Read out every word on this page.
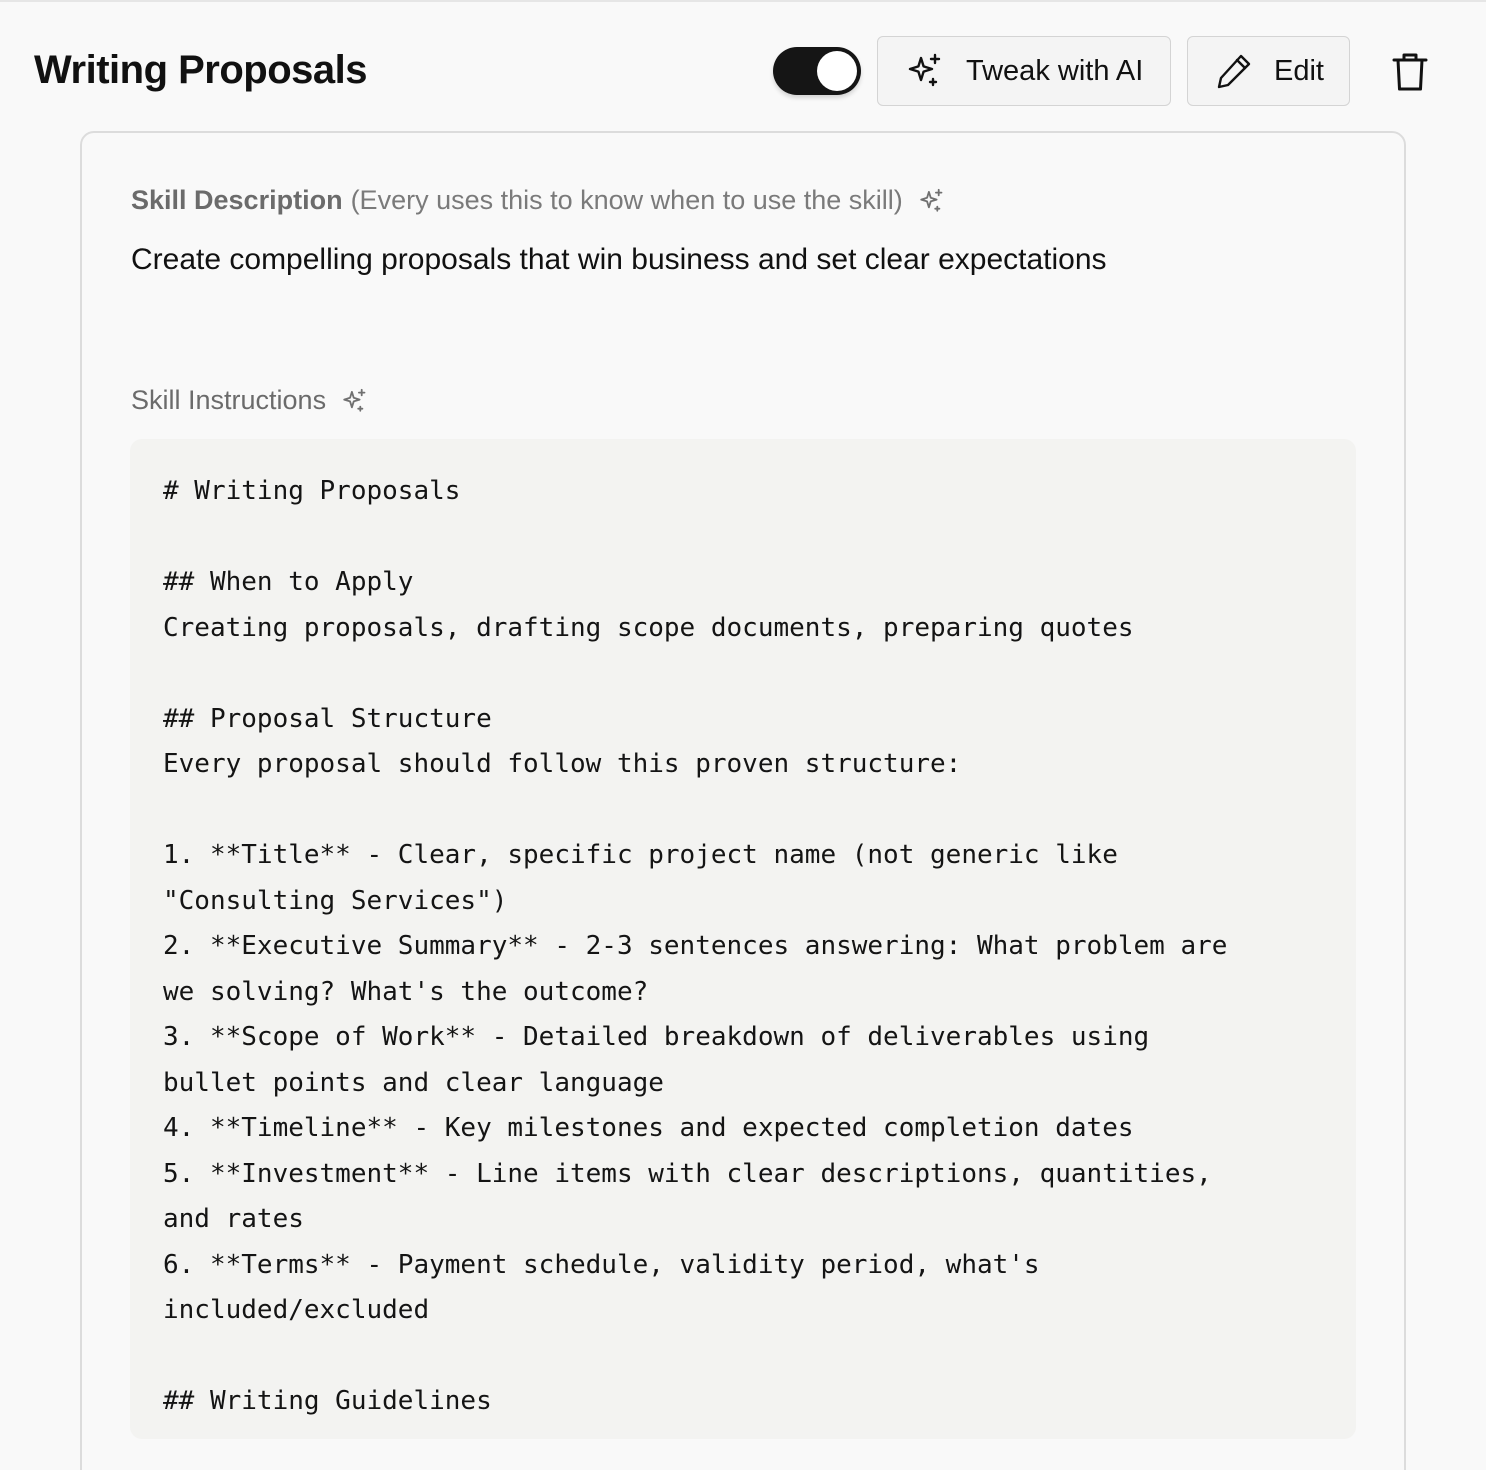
Writing Proposals	Tweak with AI	Edit
Skill Description (Every uses this to know when to use the skill)
Create compelling proposals that win business and set clear expectations
Skill Instructions
# Writing Proposals

## When to Apply
Creating proposals, drafting scope documents, preparing quotes

## Proposal Structure
Every proposal should follow this proven structure:

1. **Title** - Clear, specific project name (not generic like
"Consulting Services")
2. **Executive Summary** - 2-3 sentences answering: What problem are
we solving? What's the outcome?
3. **Scope of Work** - Detailed breakdown of deliverables using
bullet points and clear language
4. **Timeline** - Key milestones and expected completion dates
5. **Investment** - Line items with clear descriptions, quantities,
and rates
6. **Terms** - Payment schedule, validity period, what's
included/excluded

## Writing Guidelines
